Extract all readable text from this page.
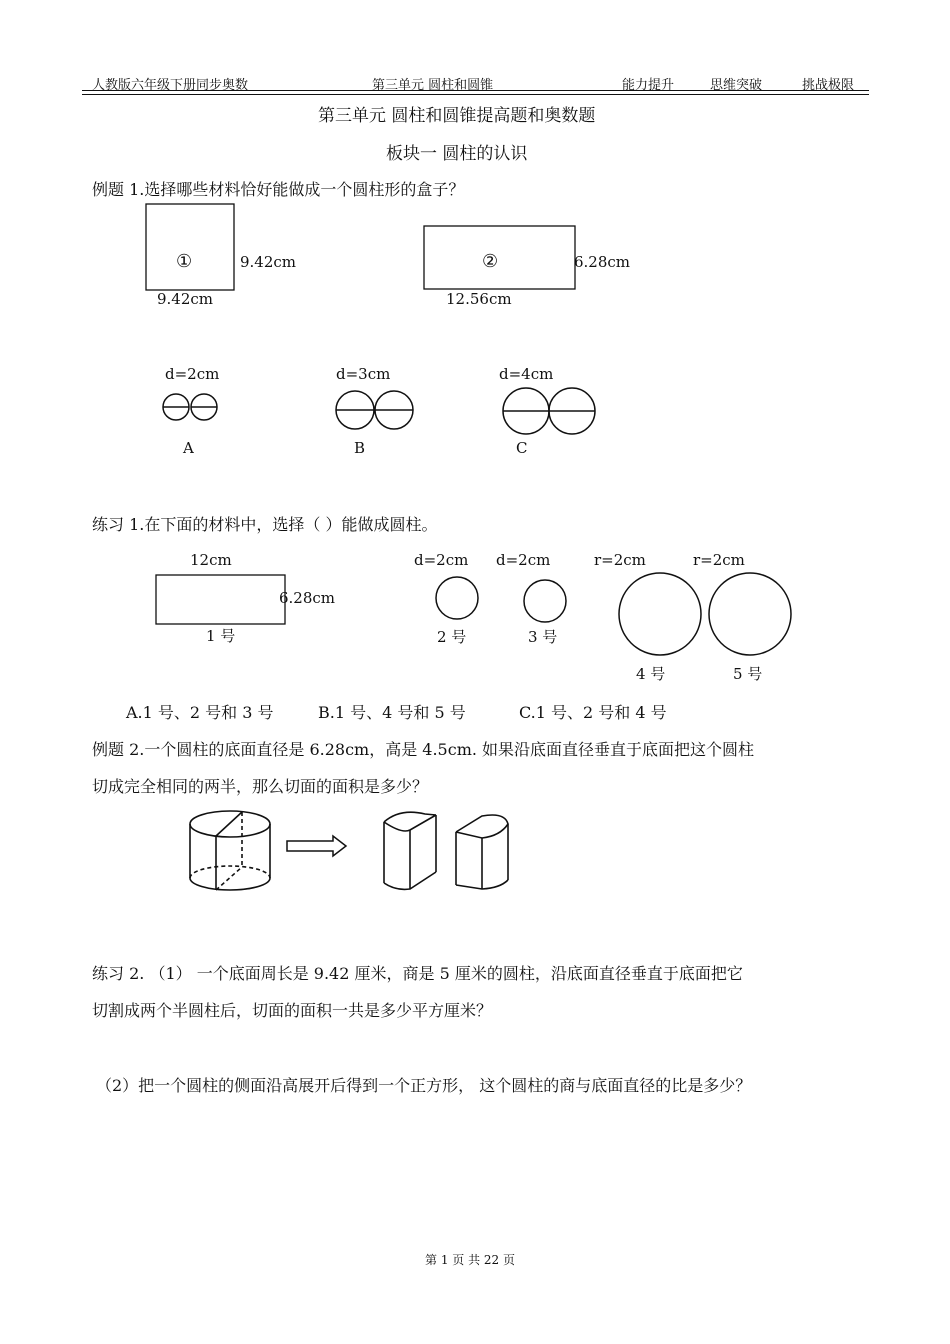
人教版六年级下册同步奥数	第三单元 圆柱和圆锥	能力提升	思维突破	挑战极限
第三单元 圆柱和圆锥提高题和奥数题
板块一 圆柱的认识
例题 1.选择哪些材料恰好能做成一个圆柱形的盒子？
①	9.42cm
9.42cm
②	6.28cm
12.56cm
d=2cm	d=3cm	d=4cm
A	B	C
练习 1.在下面的材料中，选择（ ）能做成圆柱。
12cm
6.28cm
1 号
d=2cm d=2cm	r=2cm	r=2cm
2 号	3 号
4 号	5 号
A.1 号、2 号和 3 号	B.1 号、4 号和 5 号	C.1 号、2 号和 4 号
例题 2.一个圆柱的底面直径是 6.28cm，高是 4.5cm. 如果沿底面直径垂直于底面把这个圆柱
切成完全相同的两半，那么切面的面积是多少？
练习 2. （1） 一个底面周长是 9.42 厘米，商是 5 厘米的圆柱，沿底面直径垂直于底面把它
切割成两个半圆柱后，切面的面积一共是多少平方厘米？
（2）把一个圆柱的侧面沿高展开后得到一个正方形， 这个圆柱的商与底面直径的比是多少？
第 1 页 共 22 页
